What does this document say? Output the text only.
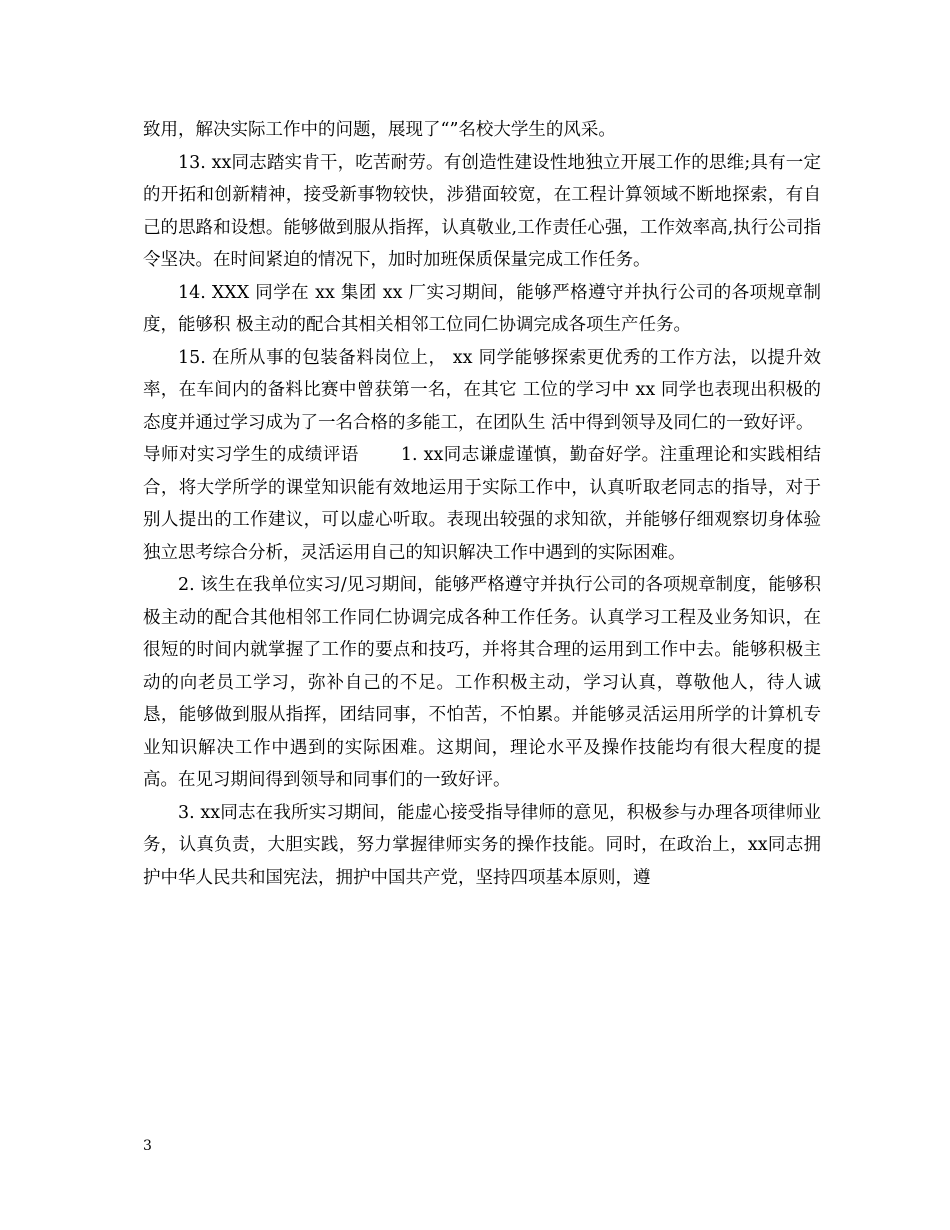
致用，解决实际工作中的问题，展现了“”名校大学生的风采。

13. xx同志踏实肯干，吃苦耐劳。有创造性建设性地独立开展工作的思维;具有一定的开拓和创新精神，接受新事物较快，涉猎面较宽，在工程计算领域不断地探索，有自己的思路和设想。能够做到服从指挥，认真敬业,工作责任心强，工作效率高,执行公司指令坚决。在时间紧迫的情况下，加时加班保质保量完成工作任务。

14. XXX 同学在 xx 集团 xx 厂实习期间，能够严格遵守并执行公司的各项规章制度，能够积 极主动的配合其相关相邻工位同仁协调完成各项生产任务。

15. 在所从事的包装备料岗位上， xx 同学能够探索更优秀的工作方法，以提升效率，在车间内的备料比赛中曾获第一名，在其它 工位的学习中 xx 同学也表现出积极的态度并通过学习成为了一名合格的多能工，在团队生 活中得到领导及同仁的一致好评。

导师对实习学生的成绩评语　　 1. xx同志谦虚谨慎，勤奋好学。注重理论和实践相结合，将大学所学的课堂知识能有效地运用于实际工作中，认真听取老同志的指导，对于别人提出的工作建议，可以虚心听取。表现出较强的求知欲，并能够仔细观察切身体验独立思考综合分析，灵活运用自己的知识解决工作中遇到的实际困难。

2. 该生在我单位实习/见习期间，能够严格遵守并执行公司的各项规章制度，能够积极主动的配合其他相邻工作同仁协调完成各种工作任务。认真学习工程及业务知识，在很短的时间内就掌握了工作的要点和技巧，并将其合理的运用到工作中去。能够积极主动的向老员工学习，弥补自己的不足。工作积极主动，学习认真，尊敬他人，待人诚恳，能够做到服从指挥，团结同事，不怕苦，不怕累。并能够灵活运用所学的计算机专业知识解决工作中遇到的实际困难。这期间，理论水平及操作技能均有很大程度的提高。在见习期间得到领导和同事们的一致好评。

3. xx同志在我所实习期间，能虚心接受指导律师的意见，积极参与办理各项律师业务，认真负责，大胆实践，努力掌握律师实务的操作技能。同时，在政治上，xx同志拥护中华人民共和国宪法，拥护中国共产党，坚持四项基本原则，遵

3
